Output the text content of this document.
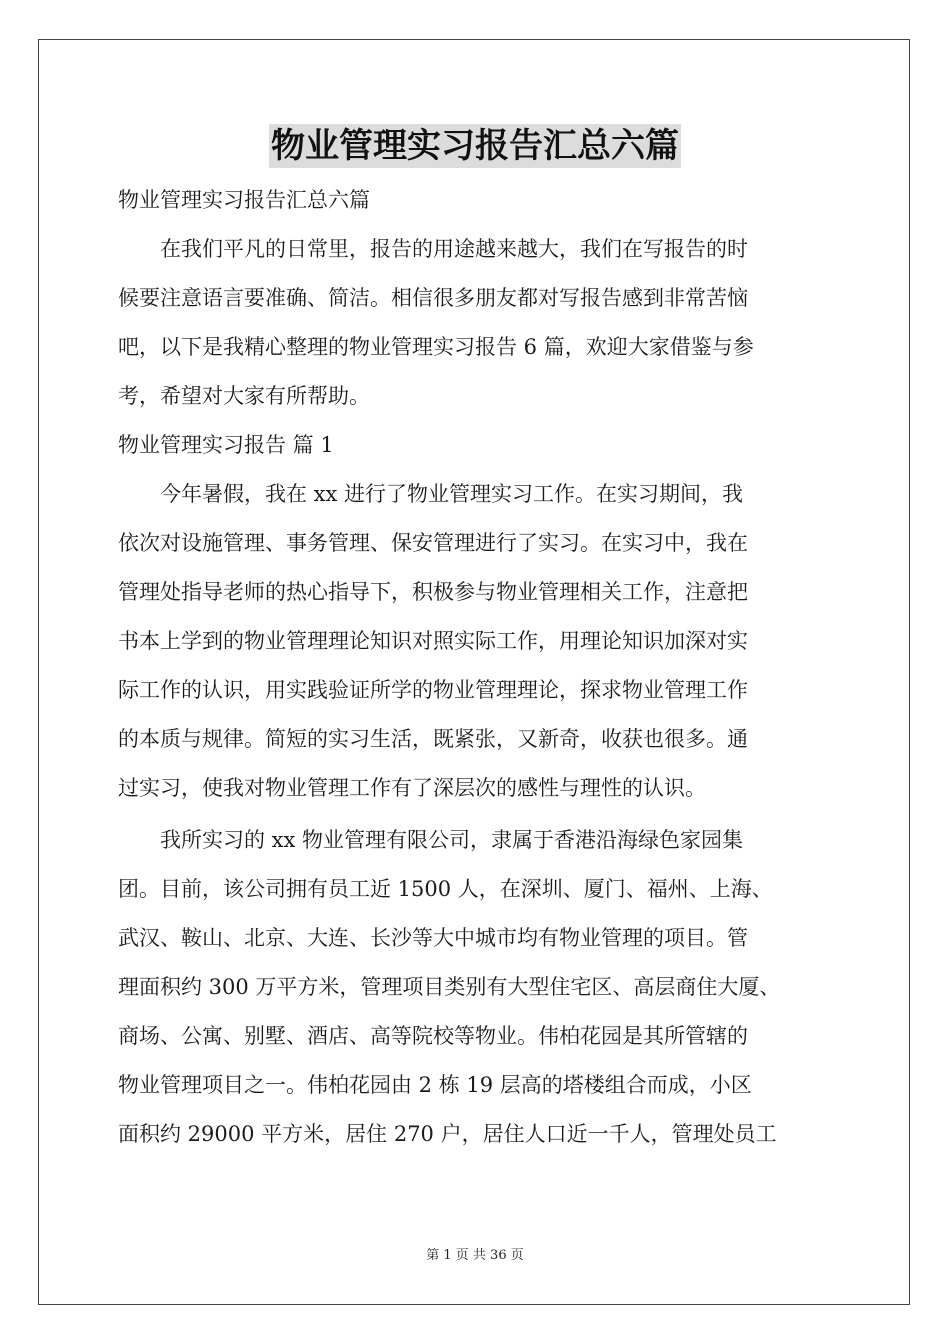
物业管理实习报告汇总六篇
物业管理实习报告汇总六篇
在我们平凡的日常里，报告的用途越来越大，我们在写报告的时
候要注意语言要准确、简洁。相信很多朋友都对写报告感到非常苦恼
吧，以下是我精心整理的物业管理实习报告 6 篇，欢迎大家借鉴与参
考，希望对大家有所帮助。
物业管理实习报告 篇 1
今年暑假，我在 xx 进行了物业管理实习工作。在实习期间，我
依次对设施管理、事务管理、保安管理进行了实习。在实习中，我在
管理处指导老师的热心指导下，积极参与物业管理相关工作，注意把
书本上学到的物业管理理论知识对照实际工作，用理论知识加深对实
际工作的认识，用实践验证所学的物业管理理论，探求物业管理工作
的本质与规律。简短的实习生活，既紧张，又新奇，收获也很多。通
过实习，使我对物业管理工作有了深层次的感性与理性的认识。
我所实习的 xx 物业管理有限公司，隶属于香港沿海绿色家园集
团。目前，该公司拥有员工近 1500 人，在深圳、厦门、福州、上海、
武汉、鞍山、北京、大连、长沙等大中城市均有物业管理的项目。管
理面积约 300 万平方米，管理项目类别有大型住宅区、高层商住大厦、
商场、公寓、别墅、酒店、高等院校等物业。伟柏花园是其所管辖的
物业管理项目之一。伟柏花园由 2 栋 19 层高的塔楼组合而成，小区
面积约 29000 平方米，居住 270 户，居住人口近一千人，管理处员工
第 1 页 共 36 页
